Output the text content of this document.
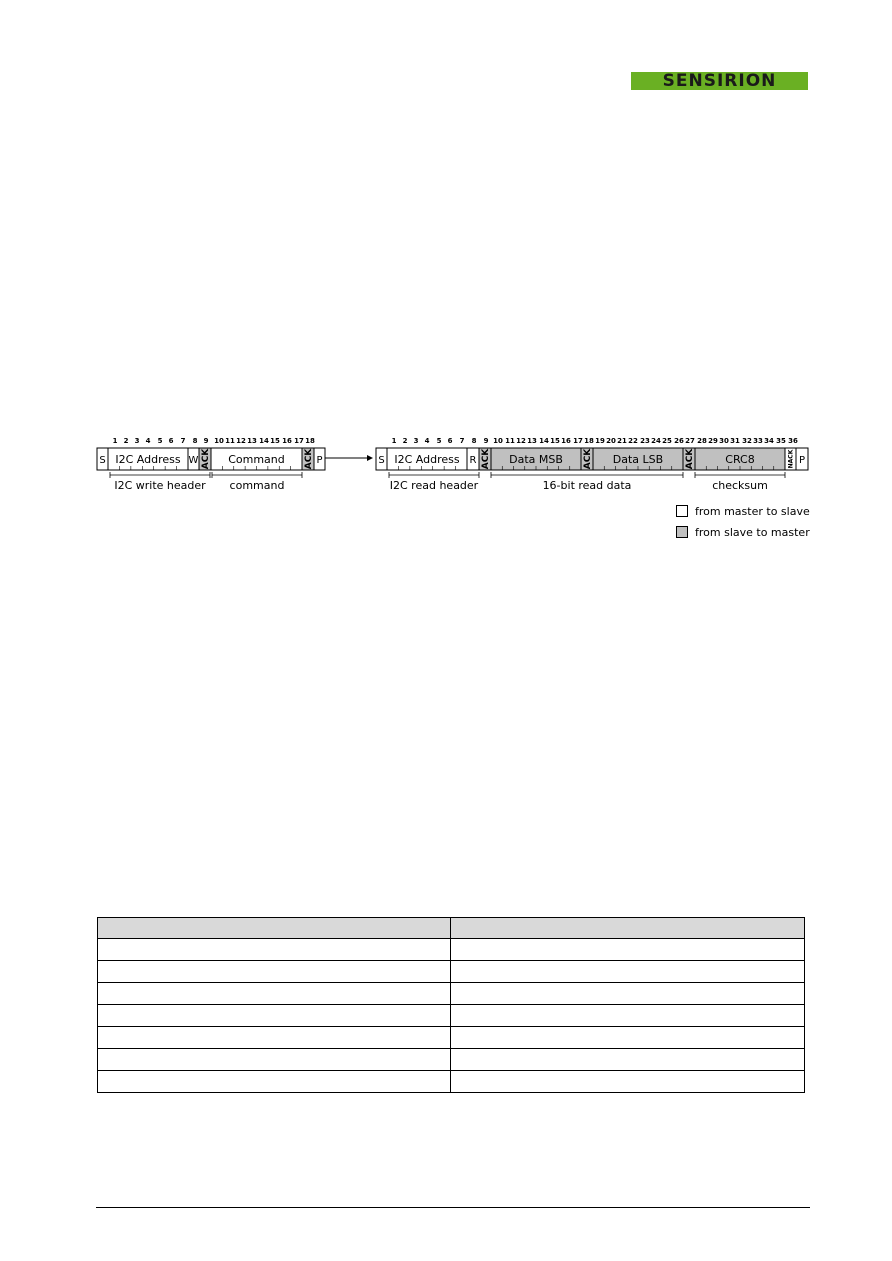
SENSIRION
S I2C Address W ACK Command ACK P	S I2C Address R ACK Data MSB ACK Data LSB ACK	CRC8	NACK P
1 2 3 4 5 6 7 8 9 10 11 12 13 14 15 16 17 18	1 2 3 4 5 6 7 8 9 10 11 12 13 14 15 16 17 18 19 20 21 22 23 24 25 26 27 28 29 30 31 32 33 34 35 36
I2C write header command	I2C read header	16-bit read data	checksum
from master to slave
from slave to master
